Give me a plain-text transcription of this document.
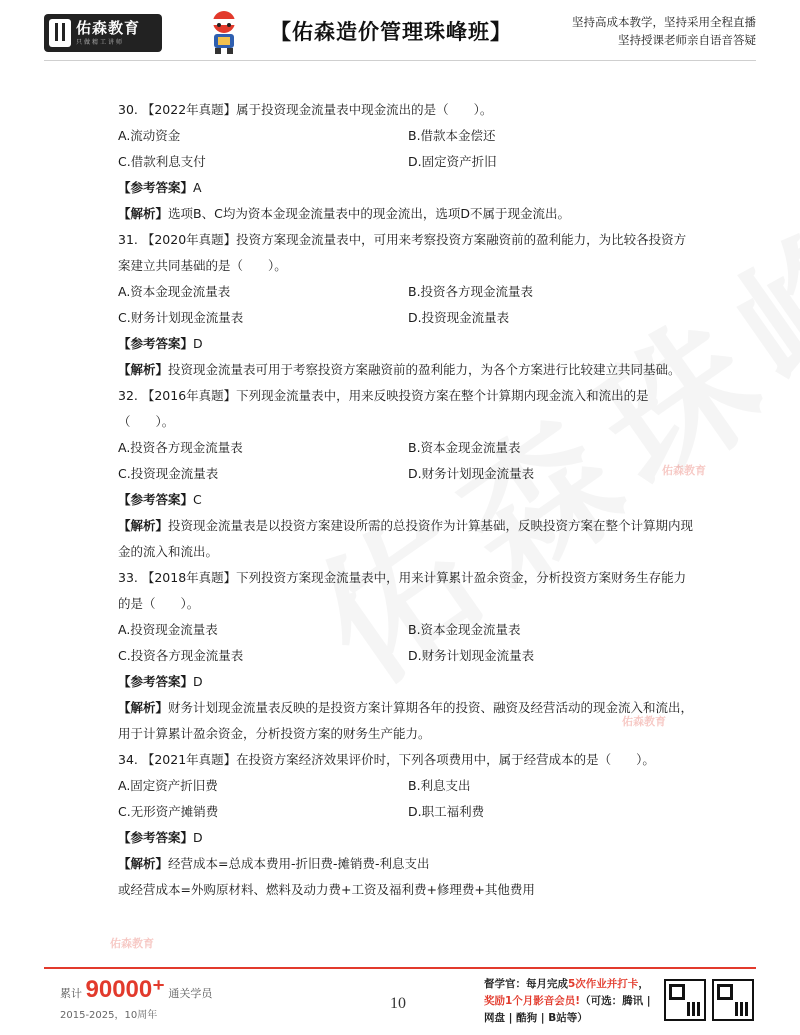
佑森教育
只做精工讲师	【佑森造价管理珠峰班】	坚持高成本教学，坚持采用全程直播
坚持授课老师亲自语音答疑
佑森教育
佑森教育
佑森教育
30. 【2022年真题】属于投资现金流量表中现金流出的是（　　）。
A.流动资金	B.借款本金偿还
C.借款利息支付	D.固定资产折旧
【参考答案】A
【解析】选项B、C均为资本金现金流量表中的现金流出，选项D不属于现金流出。
31. 【2020年真题】投资方案现金流量表中，可用来考察投资方案融资前的盈利能力，为比较各投资方案建立共同基础的是（　　）。
A.资本金现金流量表	B.投资各方现金流量表
C.财务计划现金流量表	D.投资现金流量表
【参考答案】D
【解析】投资现金流量表可用于考察投资方案融资前的盈利能力，为各个方案进行比较建立共同基础。
32. 【2016年真题】下列现金流量表中，用来反映投资方案在整个计算期内现金流入和流出的是（　　）。
A.投资各方现金流量表	B.资本金现金流量表
C.投资现金流量表	D.财务计划现金流量表
【参考答案】C
【解析】投资现金流量表是以投资方案建设所需的总投资作为计算基础，反映投资方案在整个计算期内现金的流入和流出。
33. 【2018年真题】下列投资方案现金流量表中，用来计算累计盈余资金，分析投资方案财务生存能力的是（　　）。
A.投资现金流量表	B.资本金现金流量表
C.投资各方现金流量表	D.财务计划现金流量表
【参考答案】D
【解析】财务计划现金流量表反映的是投资方案计算期各年的投资、融资及经营活动的现金流入和流出，用于计算累计盈余资金，分析投资方案的财务生产能力。
34. 【2021年真题】在投资方案经济效果评价时，下列各项费用中，属于经营成本的是（　　）。
A.固定资产折旧费	B.利息支出
C.无形资产摊销费	D.职工福利费
【参考答案】D
【解析】经营成本=总成本费用-折旧费-摊销费-利息支出
或经营成本=外购原材料、燃料及动力费+工资及福利费+修理费+其他费用
累计 90000⁺ 通关学员
2015-2025，10周年
10
督学官：每月完成5次作业并打卡，
奖励1个月影音会员!（可选：腾讯 | 网盘 | 酷狗 | B站等）
